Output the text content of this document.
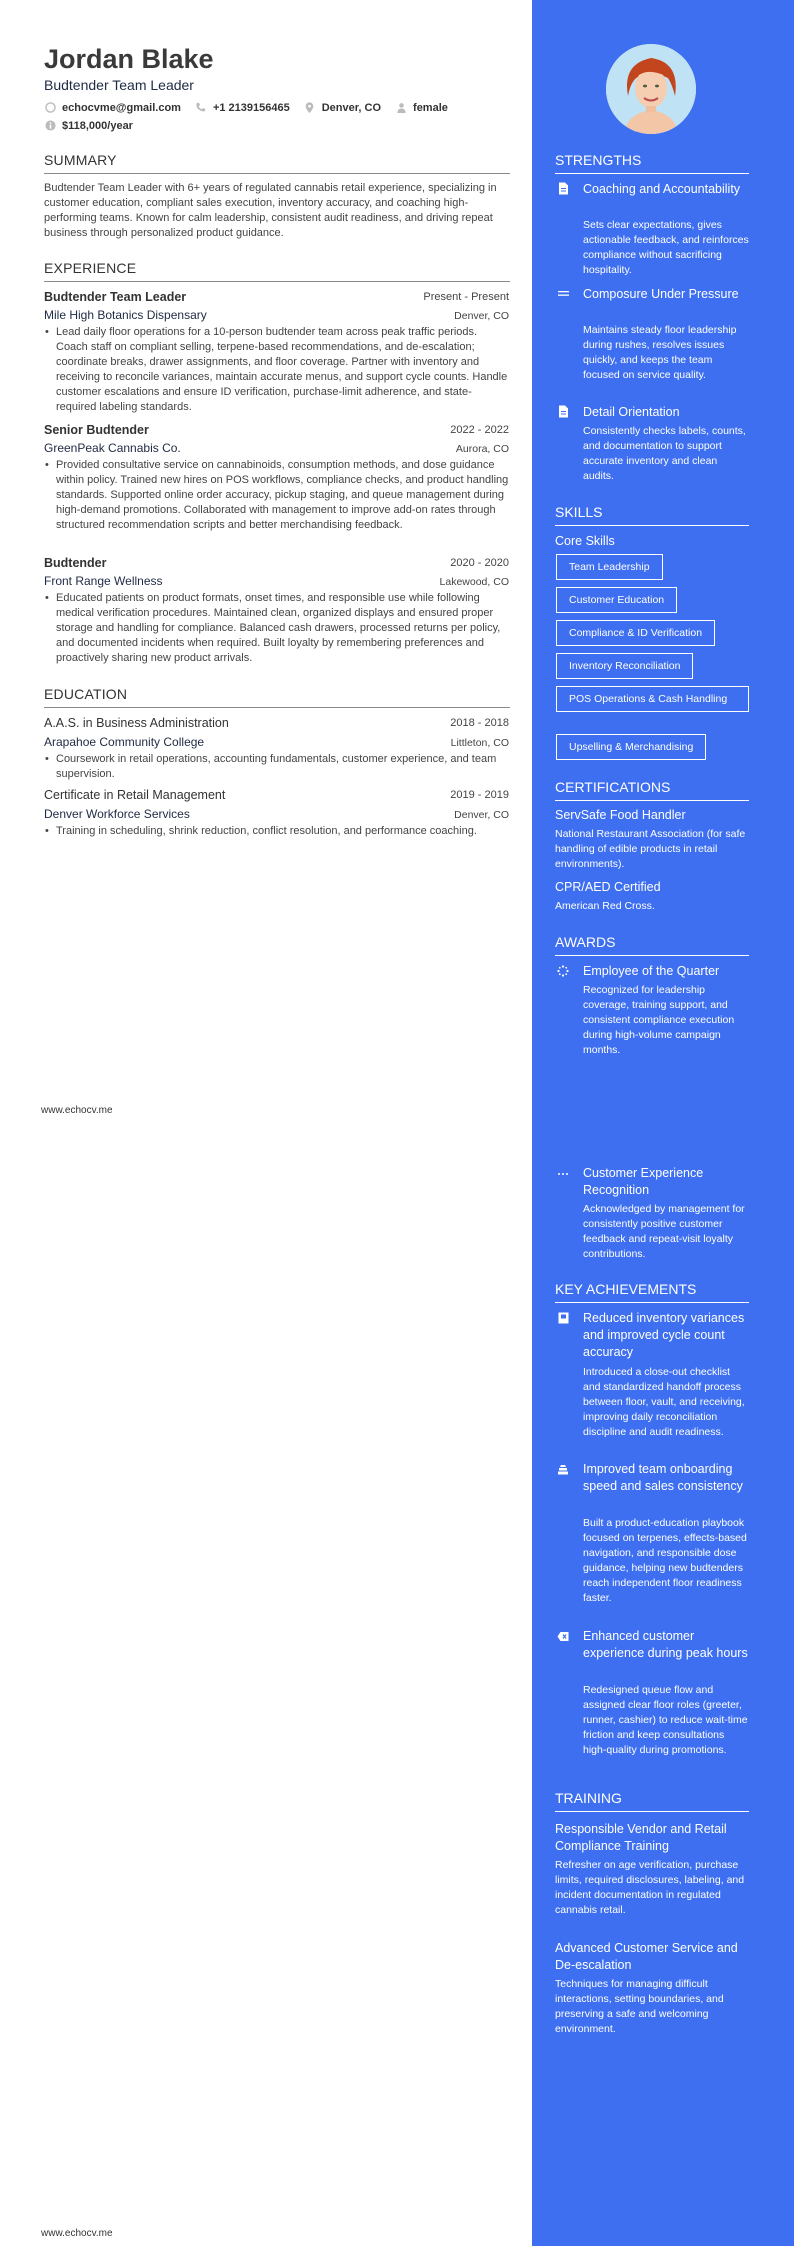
Jordan Blake
Budtender Team Leader
echocvme@gmail.com	+1 2139156465	Denver, CO	female
$118,000/year
SUMMARY
Budtender Team Leader with 6+ years of regulated cannabis retail experience, specializing in customer education, compliant sales execution, inventory accuracy, and coaching high-performing teams. Known for calm leadership, consistent audit readiness, and driving repeat business through personalized product guidance.
EXPERIENCE
Budtender Team Leader	Present - Present
Mile High Botanics Dispensary	Denver, CO
• Lead daily floor operations for a 10-person budtender team across peak traffic periods. Coach staff on compliant selling, terpene-based recommendations, and de-escalation; coordinate breaks, drawer assignments, and floor coverage. Partner with inventory and receiving to reconcile variances, maintain accurate menus, and support cycle counts. Handle customer escalations and ensure ID verification, purchase-limit adherence, and state-required labeling standards.
Senior Budtender	2022 - 2022
GreenPeak Cannabis Co.	Aurora, CO
• Provided consultative service on cannabinoids, consumption methods, and dose guidance within policy. Trained new hires on POS workflows, compliance checks, and product handling standards. Supported online order accuracy, pickup staging, and queue management during high-demand promotions. Collaborated with management to improve add-on rates through structured recommendation scripts and better merchandising feedback.
Budtender	2020 - 2020
Front Range Wellness	Lakewood, CO
• Educated patients on product formats, onset times, and responsible use while following medical verification procedures. Maintained clean, organized displays and ensured proper storage and handling for compliance. Balanced cash drawers, processed returns per policy, and documented incidents when required. Built loyalty by remembering preferences and proactively sharing new product arrivals.
EDUCATION
A.A.S. in Business Administration	2018 - 2018
Arapahoe Community College	Littleton, CO
• Coursework in retail operations, accounting fundamentals, customer experience, and team supervision.
Certificate in Retail Management	2019 - 2019
Denver Workforce Services	Denver, CO
• Training in scheduling, shrink reduction, conflict resolution, and performance coaching.
www.echocv.me
www.echocv.me
STRENGTHS
Coaching and Accountability
Sets clear expectations, gives actionable feedback, and reinforces compliance without sacrificing hospitality.
Composure Under Pressure
Maintains steady floor leadership during rushes, resolves issues quickly, and keeps the team focused on service quality.
Detail Orientation
Consistently checks labels, counts, and documentation to support accurate inventory and clean audits.
SKILLS
Core Skills
Team Leadership
Customer Education
Compliance & ID Verification
Inventory Reconciliation
POS Operations & Cash Handling
Upselling & Merchandising
CERTIFICATIONS
ServSafe Food Handler
National Restaurant Association (for safe handling of edible products in retail environments).
CPR/AED Certified
American Red Cross.
AWARDS
Employee of the Quarter
Recognized for leadership coverage, training support, and consistent compliance execution during high-volume campaign months.
Customer Experience Recognition
Acknowledged by management for consistently positive customer feedback and repeat-visit loyalty contributions.
KEY ACHIEVEMENTS
Reduced inventory variances and improved cycle count accuracy
Introduced a close-out checklist and standardized handoff process between floor, vault, and receiving, improving daily reconciliation discipline and audit readiness.
Improved team onboarding speed and sales consistency
Built a product-education playbook focused on terpenes, effects-based navigation, and responsible dose guidance, helping new budtenders reach independent floor readiness faster.
Enhanced customer experience during peak hours
Redesigned queue flow and assigned clear floor roles (greeter, runner, cashier) to reduce wait-time friction and keep consultations high-quality during promotions.
TRAINING
Responsible Vendor and Retail Compliance Training
Refresher on age verification, purchase limits, required disclosures, labeling, and incident documentation in regulated cannabis retail.
Advanced Customer Service and De-escalation
Techniques for managing difficult interactions, setting boundaries, and preserving a safe and welcoming environment.
